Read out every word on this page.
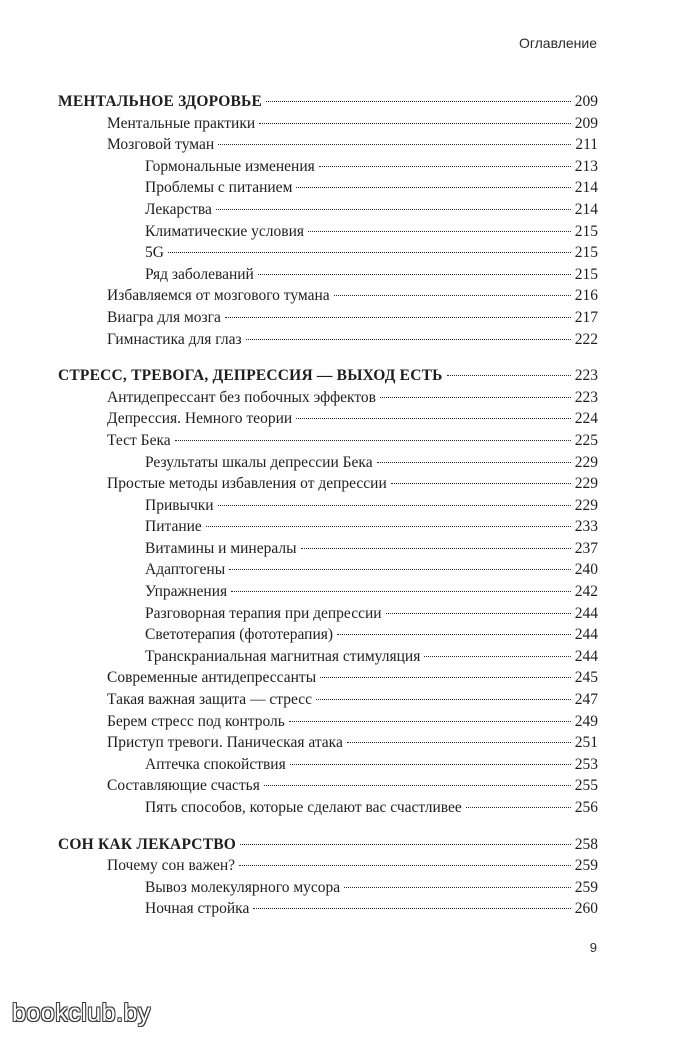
Оглавление
МЕНТАЛЬНОЕ ЗДОРОВЬЕ	209
Ментальные практики	209
Мозговой туман	211
Гормональные изменения	213
Проблемы с питанием	214
Лекарства	214
Климатические условия	215
5G	215
Ряд заболеваний	215
Избавляемся от мозгового тумана	216
Виагра для мозга	217
Гимнастика для глаз	222
СТРЕСС, ТРЕВОГА, ДЕПРЕССИЯ — ВЫХОД ЕСТЬ	223
Антидепрессант без побочных эффектов	223
Депрессия. Немного теории	224
Тест Бека	225
Результаты шкалы депрессии Бека	229
Простые методы избавления от депрессии	229
Привычки	229
Питание	233
Витамины и минералы	237
Адаптогены	240
Упражнения	242
Разговорная терапия при депрессии	244
Светотерапия (фототерапия)	244
Транскраниальная магнитная стимуляция	244
Современные антидепрессанты	245
Такая важная защита — стресс	247
Берем стресс под контроль	249
Приступ тревоги. Паническая атака	251
Аптечка спокойствия	253
Составляющие счастья	255
Пять способов, которые сделают вас счастливее	256
СОН КАК ЛЕКАРСТВО	258
Почему сон важен?	259
Вывоз молекулярного мусора	259
Ночная стройка	260
9
bookclub.by
